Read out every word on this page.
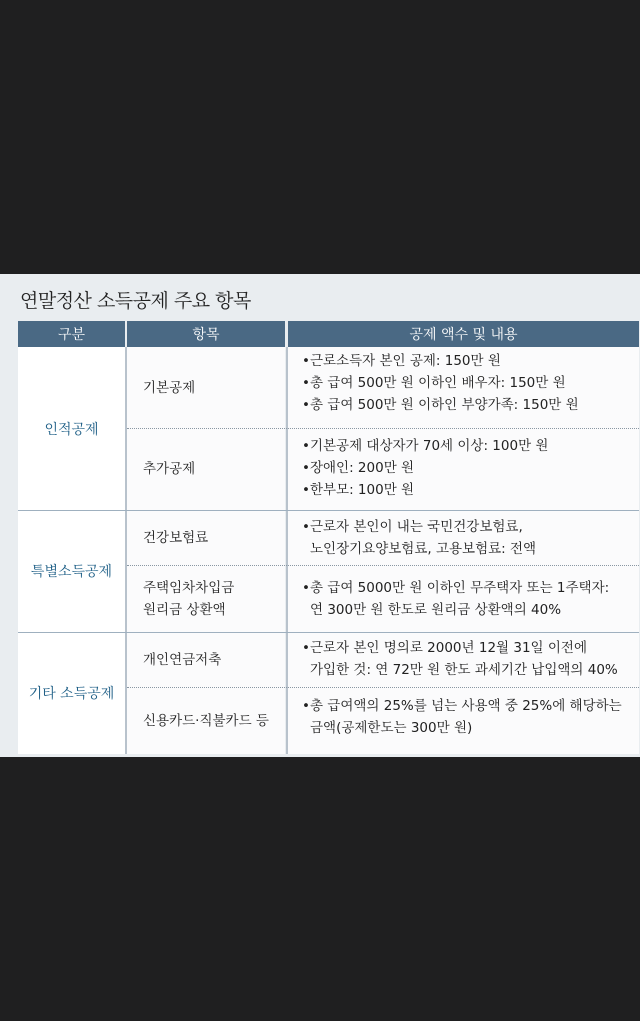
연말정산 소득공제 주요 항목
구분	항목	공제 액수 및 내용
인적공제
특별소득공제
기타 소득공제
기본공제
•근로소득자 본인 공제: 150만 원
•총 급여 500만 원 이하인 배우자: 150만 원
•총 급여 500만 원 이하인 부양가족: 150만 원
추가공제
•기본공제 대상자가 70세 이상: 100만 원
•장애인: 200만 원
•한부모: 100만 원
건강보험료
•근로자 본인이 내는 국민건강보험료,
노인장기요양보험료, 고용보험료: 전액
주택임차차입금
원리금 상환액
•총 급여 5000만 원 이하인 무주택자 또는 1주택자:
연 300만 원 한도로 원리금 상환액의 40%
개인연금저축
•근로자 본인 명의로 2000년 12월 31일 이전에
가입한 것: 연 72만 원 한도 과세기간 납입액의 40%
신용카드·직불카드 등
•총 급여액의 25%를 넘는 사용액 중 25%에 해당하는
금액(공제한도는 300만 원)
